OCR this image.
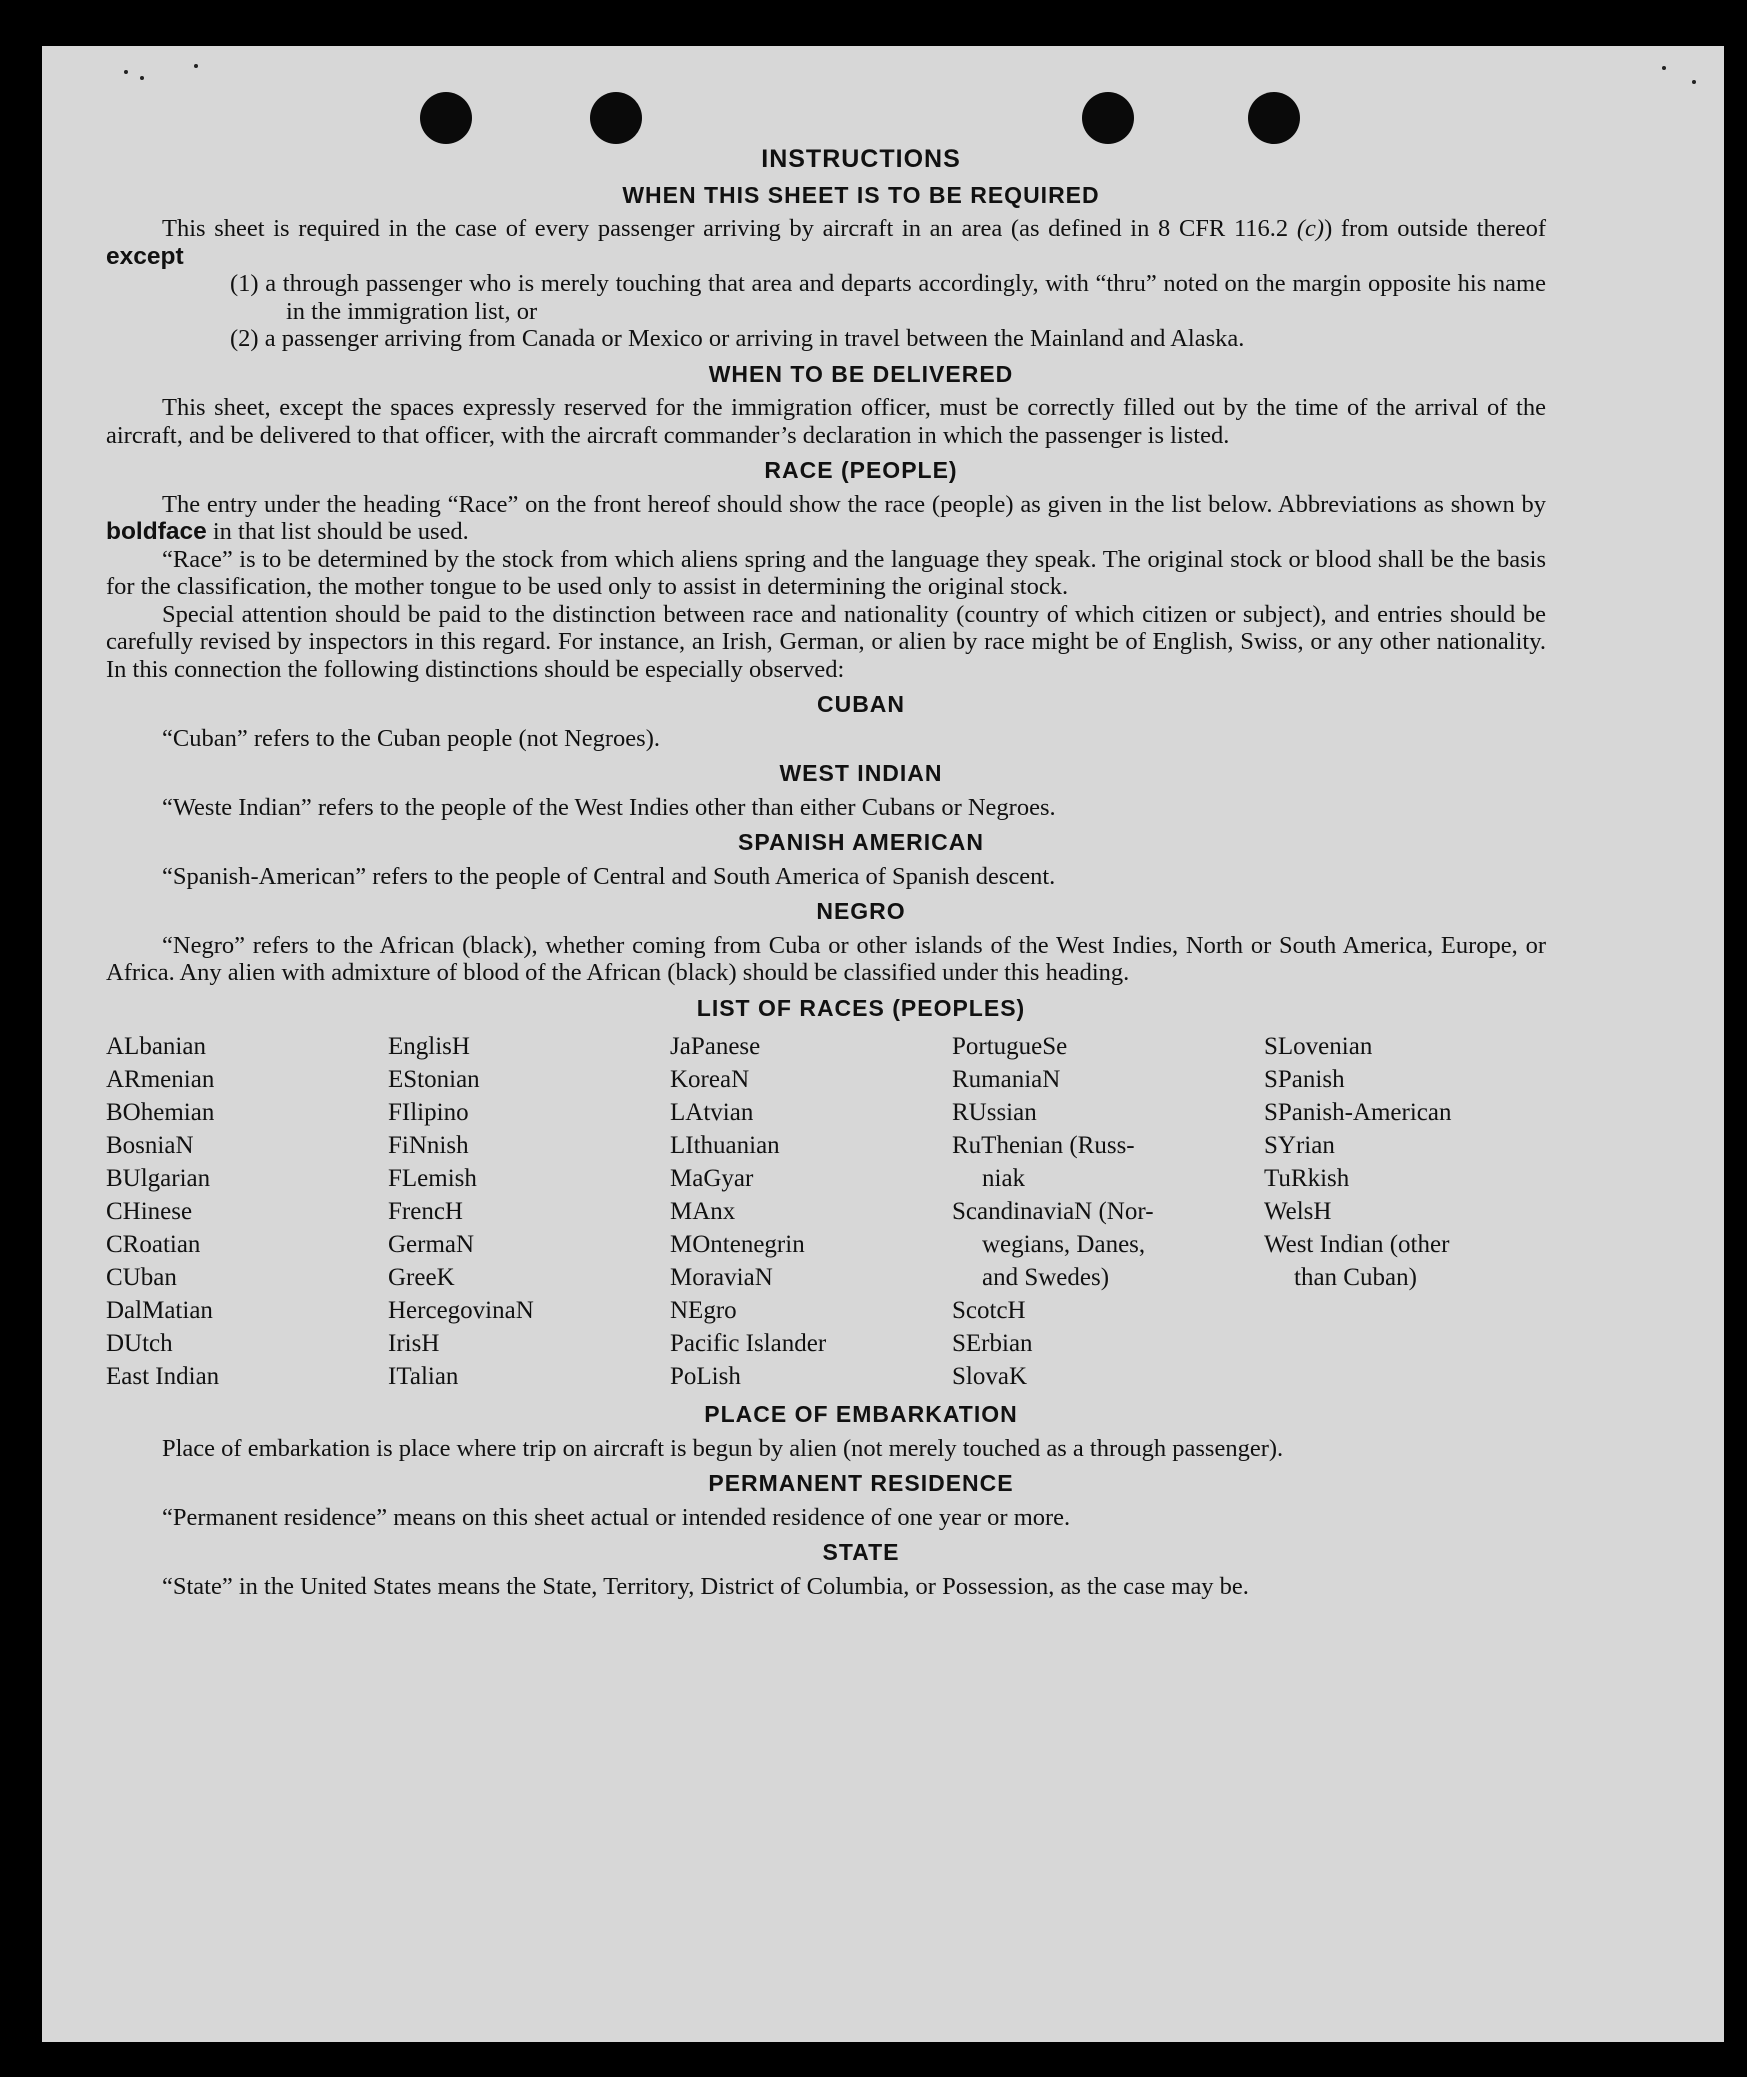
INSTRUCTIONS
WHEN THIS SHEET IS TO BE REQUIRED
This sheet is required in the case of every passenger arriving by aircraft in an area (as defined in 8 CFR 116.2 (c)) from outside thereof except
(1) a through passenger who is merely touching that area and departs accordingly, with “thru” noted on the margin opposite his name in the immigration list, or
(2) a passenger arriving from Canada or Mexico or arriving in travel between the Mainland and Alaska.
WHEN TO BE DELIVERED
This sheet, except the spaces expressly reserved for the immigration officer, must be correctly filled out by the time of the arrival of the aircraft, and be delivered to that officer, with the aircraft commander’s declaration in which the passenger is listed.
RACE (PEOPLE)
The entry under the heading “Race” on the front hereof should show the race (people) as given in the list below. Abbreviations as shown by boldface in that list should be used.
“Race” is to be determined by the stock from which aliens spring and the language they speak. The original stock or blood shall be the basis for the classification, the mother tongue to be used only to assist in determining the original stock.
Special attention should be paid to the distinction between race and nationality (country of which citizen or subject), and entries should be carefully revised by inspectors in this regard. For instance, an Irish, German, or alien by race might be of English, Swiss, or any other nationality. In this connection the following distinctions should be especially observed:
CUBAN
“Cuban” refers to the Cuban people (not Negroes).
WEST INDIAN
“Weste Indian” refers to the people of the West Indies other than either Cubans or Negroes.
SPANISH AMERICAN
“Spanish-American” refers to the people of Central and South America of Spanish descent.
NEGRO
“Negro” refers to the African (black), whether coming from Cuba or other islands of the West Indies, North or South America, Europe, or Africa. Any alien with admixture of blood of the African (black) should be classified under this heading.
LIST OF RACES (PEOPLES)
ALbanian
ARmenian
BOhemian
BosniaN
BUlgarian
CHinese
CRoatian
CUban
DalMatian
DUtch
East Indian
EnglisH
EStonian
FIlipino
FiNnish
FLemish
FrencH
GermaN
GreeK
HercegovinaN
IrisH
ITalian
JaPanese
KoreaN
LAtvian
LIthuanian
MaGyar
MAnx
MOntenegrin
MoraviaN
NEgro
Pacific Islander
PoLish
PortugueSe
RumaniaN
RUssian
RuThenian (Russ-
niak
ScandinaviaN (Nor-
wegians, Danes,
and Swedes)
ScotcH
SErbian
SlovaK
SLovenian
SPanish
SPanish-American
SYrian
TuRkish
WelsH
West Indian (other
than Cuban)
PLACE OF EMBARKATION
Place of embarkation is place where trip on aircraft is begun by alien (not merely touched as a through passenger).
PERMANENT RESIDENCE
“Permanent residence” means on this sheet actual or intended residence of one year or more.
STATE
“State” in the United States means the State, Territory, District of Columbia, or Possession, as the case may be.
